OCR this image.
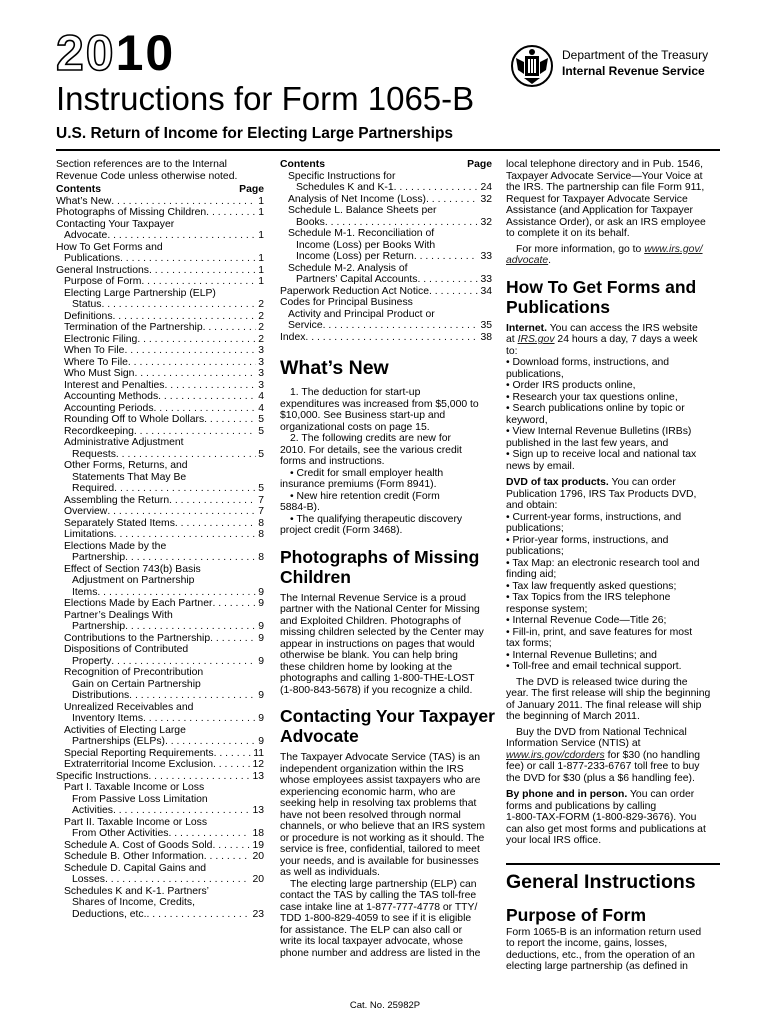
2010	Department of the Treasury
Internal Revenue Service
Instructions for Form 1065-B
U.S. Return of Income for Electing Large Partnerships
Section references are to the Internal
Revenue Code unless otherwise noted.
Contents	Page
What’s New . . .	1
Photographs of Missing Children . . .	1
Contacting Your Taxpayer
Advocate . . .	1
How To Get Forms and
Publications . . .	1
General Instructions . . .	1
Purpose of Form . . .	1
Electing Large Partnership (ELP)
Status . . .	2
Definitions . . .	2
Termination of the Partnership . . .	2
Electronic Filing . . .	2
When To File . . .	3
Where To File . . .	3
Who Must Sign . . .	3
Interest and Penalties . . .	3
Accounting Methods . . .	4
Accounting Periods . . .	4
Rounding Off to Whole Dollars . . .	5
Recordkeeping . . .	5
Administrative Adjustment
Requests . . .	5
Other Forms, Returns, and
Statements That May Be
Required . . .	5
Assembling the Return . . .	7
Overview . . .	7
Separately Stated Items . . .	8
Limitations . . .	8
Elections Made by the
Partnership . . .	8
Effect of Section 743(b) Basis
Adjustment on Partnership
Items . . .	9
Elections Made by Each Partner . . .	9
Partner’s Dealings With
Partnership . . .	9
Contributions to the Partnership . . .	9
Dispositions of Contributed
Property . . .	9
Recognition of Precontribution
Gain on Certain Partnership
Distributions . . .	9
Unrealized Receivables and
Inventory Items . . .	9
Activities of Electing Large
Partnerships (ELPs) . . .	9
Special Reporting Requirements . . .	11
Extraterritorial Income Exclusion . . .	12
Specific Instructions . . .	13
Part I. Taxable Income or Loss
From Passive Loss Limitation
Activities . . .	13
Part II. Taxable Income or Loss
From Other Activities . . .	18
Schedule A. Cost of Goods Sold . . .	19
Schedule B. Other Information . . .	20
Schedule D. Capital Gains and
Losses . . .	20
Schedules K and K-1. Partners’
Shares of Income, Credits,
Deductions, etc. . . .	23
Contents	Page
Specific Instructions for
Schedules K and K-1 . . .	24
Analysis of Net Income (Loss) . . .	32
Schedule L. Balance Sheets per
Books . . .	32
Schedule M-1. Reconciliation of
Income (Loss) per Books With
Income (Loss) per Return . . .	33
Schedule M-2. Analysis of
Partners’ Capital Accounts . . .	33
Paperwork Reduction Act Notice . . .	34
Codes for Principal Business
Activity and Principal Product or
Service . . .	35
Index . . .	38
What’s New
1. The deduction for start-up
expenditures was increased from $5,000 to
$10,000. See Business start-up and
organizational costs on page 15.
2. The following credits are new for
2010. For details, see the various credit
forms and instructions.
• Credit for small employer health
insurance premiums (Form 8941).
• New hire retention credit (Form
5884-B).
• The qualifying therapeutic discovery
project credit (Form 3468).
Photographs of Missing
Children
The Internal Revenue Service is a proud
partner with the National Center for Missing
and Exploited Children. Photographs of
missing children selected by the Center may
appear in instructions on pages that would
otherwise be blank. You can help bring
these children home by looking at the
photographs and calling 1-800-THE-LOST
(1-800-843-5678) if you recognize a child.
Contacting Your Taxpayer
Advocate
The Taxpayer Advocate Service (TAS) is an
independent organization within the IRS
whose employees assist taxpayers who are
experiencing economic harm, who are
seeking help in resolving tax problems that
have not been resolved through normal
channels, or who believe that an IRS system
or procedure is not working as it should. The
service is free, confidential, tailored to meet
your needs, and is available for businesses
as well as individuals.
The electing large partnership (ELP) can
contact the TAS by calling the TAS toll-free
case intake line at 1-877-777-4778 or TTY/
TDD 1-800-829-4059 to see if it is eligible
for assistance. The ELP can also call or
write its local taxpayer advocate, whose
phone number and address are listed in the
local telephone directory and in Pub. 1546,
Taxpayer Advocate Service—Your Voice at
the IRS. The partnership can file Form 911,
Request for Taxpayer Advocate Service
Assistance (and Application for Taxpayer
Assistance Order), or ask an IRS employee
to complete it on its behalf.
For more information, go to www.irs.gov/
advocate.
How To Get Forms and
Publications
Internet. You can access the IRS website
at IRS.gov 24 hours a day, 7 days a week
to:
• Download forms, instructions, and
publications,
• Order IRS products online,
• Research your tax questions online,
• Search publications online by topic or
keyword,
• View Internal Revenue Bulletins (IRBs)
published in the last few years, and
• Sign up to receive local and national tax
news by email.
DVD of tax products. You can order
Publication 1796, IRS Tax Products DVD,
and obtain:
• Current-year forms, instructions, and
publications;
• Prior-year forms, instructions, and
publications;
• Tax Map: an electronic research tool and
finding aid;
• Tax law frequently asked questions;
• Tax Topics from the IRS telephone
response system;
• Internal Revenue Code—Title 26;
• Fill-in, print, and save features for most
tax forms;
• Internal Revenue Bulletins; and
• Toll-free and email technical support.
The DVD is released twice during the
year. The first release will ship the beginning
of January 2011. The final release will ship
the beginning of March 2011.
Buy the DVD from National Technical
Information Service (NTIS) at
www.irs.gov/cdorders for $30 (no handling
fee) or call 1-877-233-6767 toll free to buy
the DVD for $30 (plus a $6 handling fee).
By phone and in person. You can order
forms and publications by calling
1-800-TAX-FORM (1-800-829-3676). You
can also get most forms and publications at
your local IRS office.
General Instructions
Purpose of Form
Form 1065-B is an information return used
to report the income, gains, losses,
deductions, etc., from the operation of an
electing large partnership (as defined in
Cat. No. 25982P
